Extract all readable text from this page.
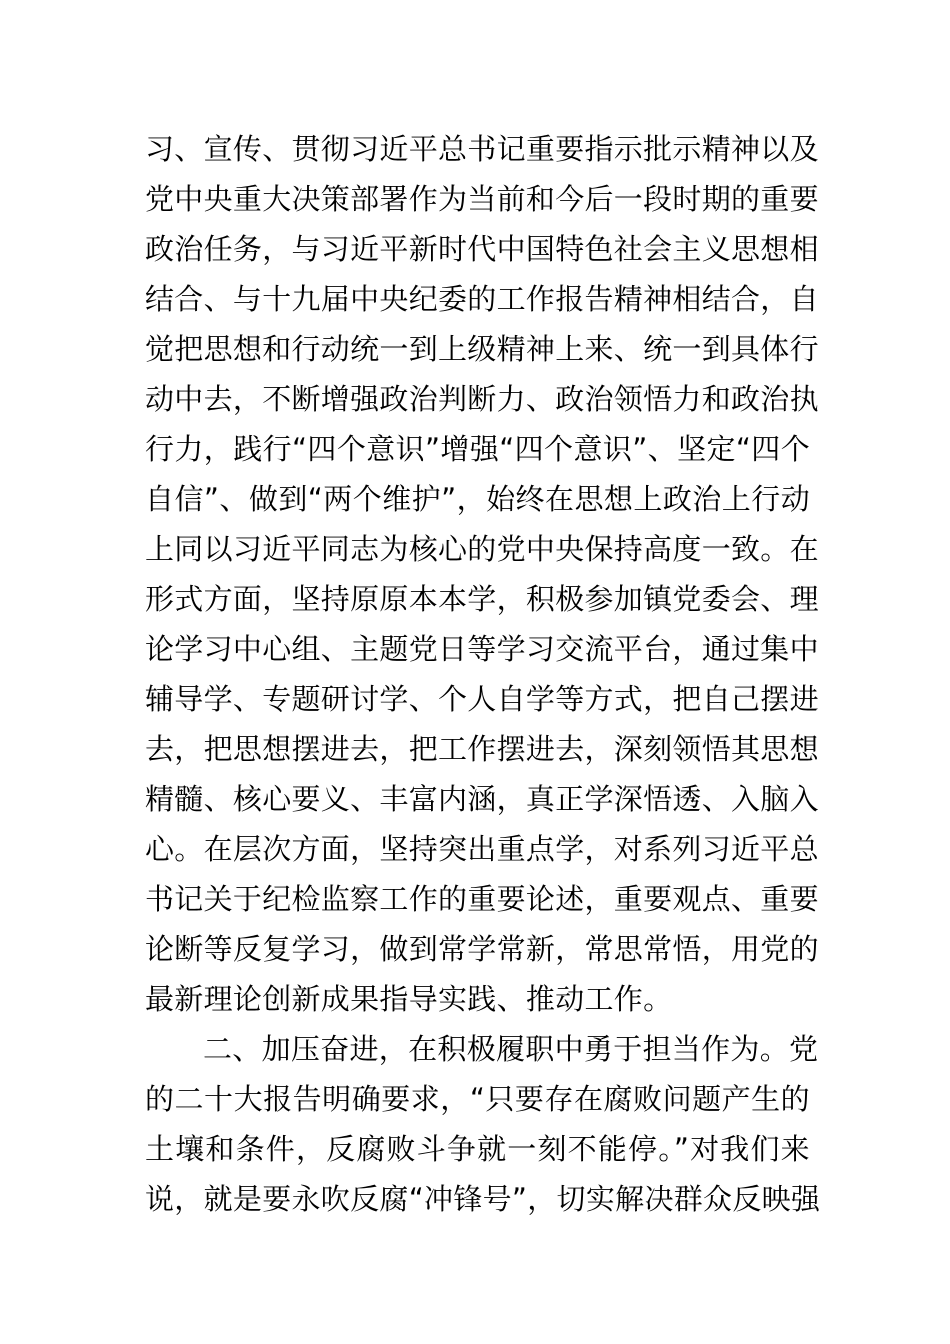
习、宣传、贯彻习近平总书记重要指示批示精神以及
党中央重大决策部署作为当前和今后一段时期的重要
政治任务，与习近平新时代中国特色社会主义思想相
结合、与十九届中央纪委的工作报告精神相结合，自
觉把思想和行动统一到上级精神上来、统一到具体行
动中去，不断增强政治判断力、政治领悟力和政治执
行力，践行“四个意识”增强“四个意识”、坚定“四个
自信”、做到“两个维护”，始终在思想上政治上行动
上同以习近平同志为核心的党中央保持高度一致。在
形式方面，坚持原原本本学，积极参加镇党委会、理
论学习中心组、主题党日等学习交流平台，通过集中
辅导学、专题研讨学、个人自学等方式，把自己摆进
去，把思想摆进去，把工作摆进去，深刻领悟其思想
精髓、核心要义、丰富内涵，真正学深悟透、入脑入
心。在层次方面，坚持突出重点学，对系列习近平总
书记关于纪检监察工作的重要论述，重要观点、重要
论断等反复学习，做到常学常新，常思常悟，用党的
最新理论创新成果指导实践、推动工作。
二、加压奋进，在积极履职中勇于担当作为。党
的二十大报告明确要求，“只要存在腐败问题产生的
土壤和条件，反腐败斗争就一刻不能停。”对我们来
说，就是要永吹反腐“冲锋号”，切实解决群众反映强
